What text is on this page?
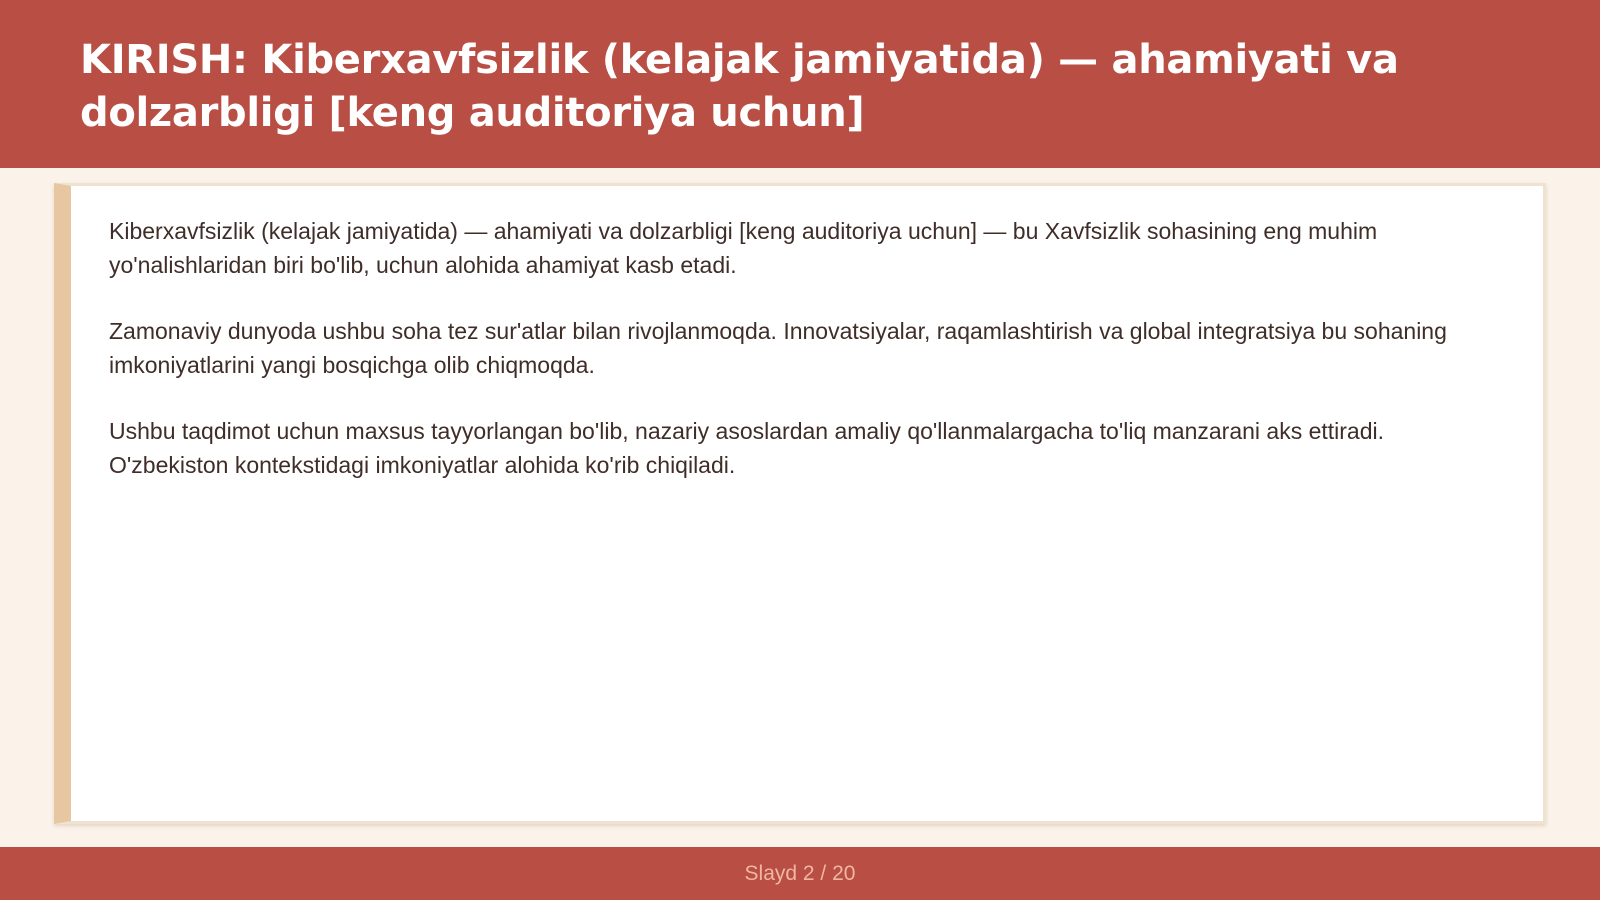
KIRISH: Kiberxavfsizlik (kelajak jamiyatida) — ahamiyati va dolzarbligi [keng auditoriya uchun]

Kiberxavfsizlik (kelajak jamiyatida) — ahamiyati va dolzarbligi [keng auditoriya uchun] — bu Xavfsizlik sohasining eng muhim yo'nalishlaridan biri bo'lib, uchun alohida ahamiyat kasb etadi.

Zamonaviy dunyoda ushbu soha tez sur'atlar bilan rivojlanmoqda. Innovatsiyalar, raqamlashtirish va global integratsiya bu sohaning imkoniyatlarini yangi bosqichga olib chiqmoqda.

Ushbu taqdimot uchun maxsus tayyorlangan bo'lib, nazariy asoslardan amaliy qo'llanmalargacha to'liq manzarani aks ettiradi. O'zbekiston kontekstidagi imkoniyatlar alohida ko'rib chiqiladi.

Slayd 2 / 20
